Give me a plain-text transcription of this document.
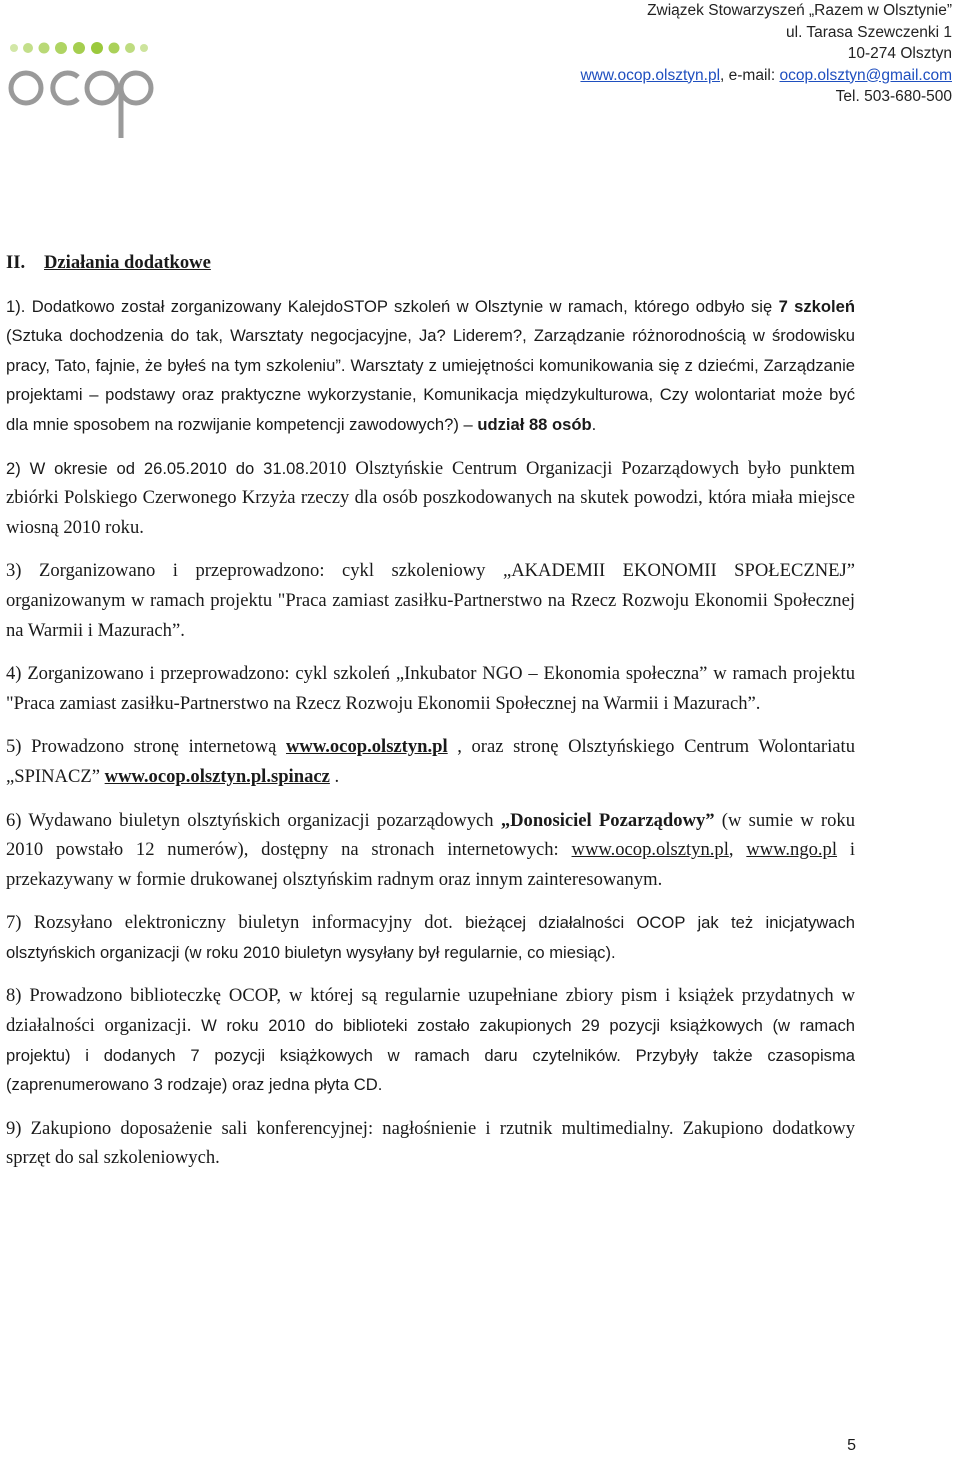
Związek Stowarzyszeń „Razem w Olsztynie”
ul. Tarasa Szewczenki 1
10-274 Olsztyn
www.ocop.olsztyn.pl, e-mail: ocop.olsztyn@gmail.com
Tel. 503-680-500
II. Działania dodatkowe

1). Dodatkowo został zorganizowany KalejdoSTOP szkoleń w Olsztynie w ramach, którego odbyło się 7 szkoleń (Sztuka dochodzenia do tak, Warsztaty negocjacyjne, Ja? Liderem?, Zarządzanie różnorodnością w środowisku pracy, Tato, fajnie, że byłeś na tym szkoleniu”. Warsztaty z umiejętności komunikowania się z dziećmi, Zarządzanie projektami – podstawy oraz praktyczne wykorzystanie, Komunikacja międzykulturowa, Czy wolontariat może być dla mnie sposobem na rozwijanie kompetencji zawodowych?) – udział 88 osób.

2) W okresie od 26.05.2010 do 31.08.2010 Olsztyńskie Centrum Organizacji Pozarządowych było punktem zbiórki Polskiego Czerwonego Krzyża rzeczy dla osób poszkodowanych na skutek powodzi, która miała miejsce wiosną 2010 roku.

3) Zorganizowano i przeprowadzono: cykl szkoleniowy „AKADEMII EKONOMII SPOŁECZNEJ” organizowanym w ramach projektu "Praca zamiast zasiłku-Partnerstwo na Rzecz Rozwoju Ekonomii Społecznej na Warmii i Mazurach”.

4) Zorganizowano i przeprowadzono: cykl szkoleń „Inkubator NGO – Ekonomia społeczna” w ramach projektu "Praca zamiast zasiłku-Partnerstwo na Rzecz Rozwoju Ekonomii Społecznej na Warmii i Mazurach”.

5) Prowadzono stronę internetową www.ocop.olsztyn.pl , oraz stronę Olsztyńskiego Centrum Wolontariatu „SPINACZ” www.ocop.olsztyn.pl.spinacz .

6) Wydawano biuletyn olsztyńskich organizacji pozarządowych „Donosiciel Pozarządowy” (w sumie w roku 2010 powstało 12 numerów), dostępny na stronach internetowych: www.ocop.olsztyn.pl, www.ngo.pl i przekazywany w formie drukowanej olsztyńskim radnym oraz innym zainteresowanym.

7) Rozsyłano elektroniczny biuletyn informacyjny dot. bieżącej działalności OCOP jak też inicjatywach olsztyńskich organizacji (w roku 2010 biuletyn wysyłany był regularnie, co miesiąc).

8) Prowadzono biblioteczkę OCOP, w której są regularnie uzupełniane zbiory pism i książek przydatnych w działalności organizacji. W roku 2010 do biblioteki zostało zakupionych 29 pozycji książkowych (w ramach projektu) i dodanych 7 pozycji książkowych w ramach daru czytelników. Przybyły także czasopisma (zaprenumerowano 3 rodzaje) oraz jedna płyta CD.

9) Zakupiono doposażenie sali konferencyjnej: nagłośnienie i rzutnik multimedialny. Zakupiono dodatkowy sprzęt do sal szkoleniowych.

5
